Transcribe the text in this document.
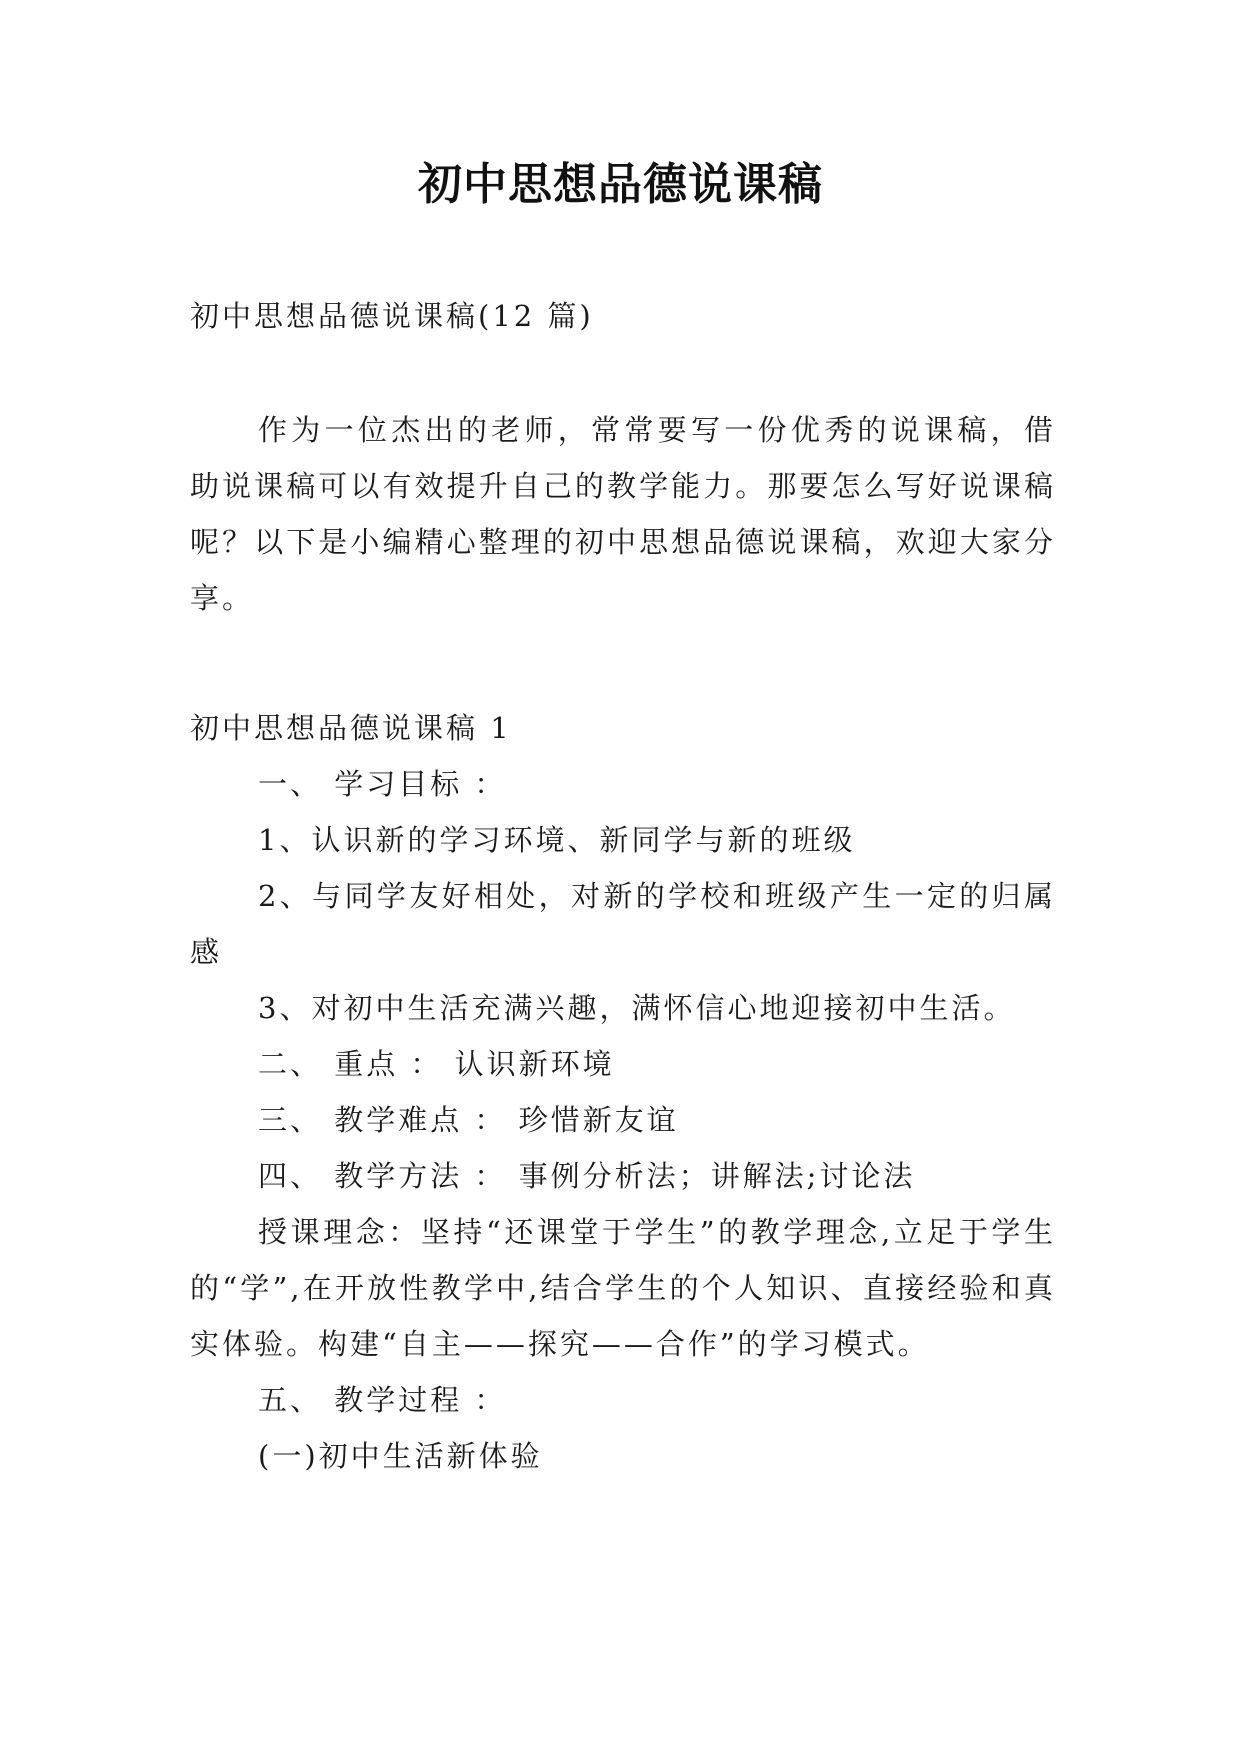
初中思想品德说课稿

初中思想品德说课稿(12 篇)

作为一位杰出的老师，常常要写一份优秀的说课稿，借助说课稿可以有效提升自己的教学能力。那要怎么写好说课稿呢？以下是小编精心整理的初中思想品德说课稿，欢迎大家分享。

初中思想品德说课稿 1

一、 学习目标 ：
1、认识新的学习环境、新同学与新的班级
2、与同学友好相处，对新的学校和班级产生一定的归属感
3、对初中生活充满兴趣，满怀信心地迎接初中生活。
二、 重点 ： 认识新环境
三、 教学难点 ： 珍惜新友谊
四、 教学方法 ： 事例分析法；讲解法;讨论法
授课理念：坚持“还课堂于学生”的教学理念,立足于学生的“学”,在开放性教学中,结合学生的个人知识、直接经验和真实体验。构建“自主——探究——合作”的学习模式。
五、 教学过程 ：
(一)初中生活新体验
